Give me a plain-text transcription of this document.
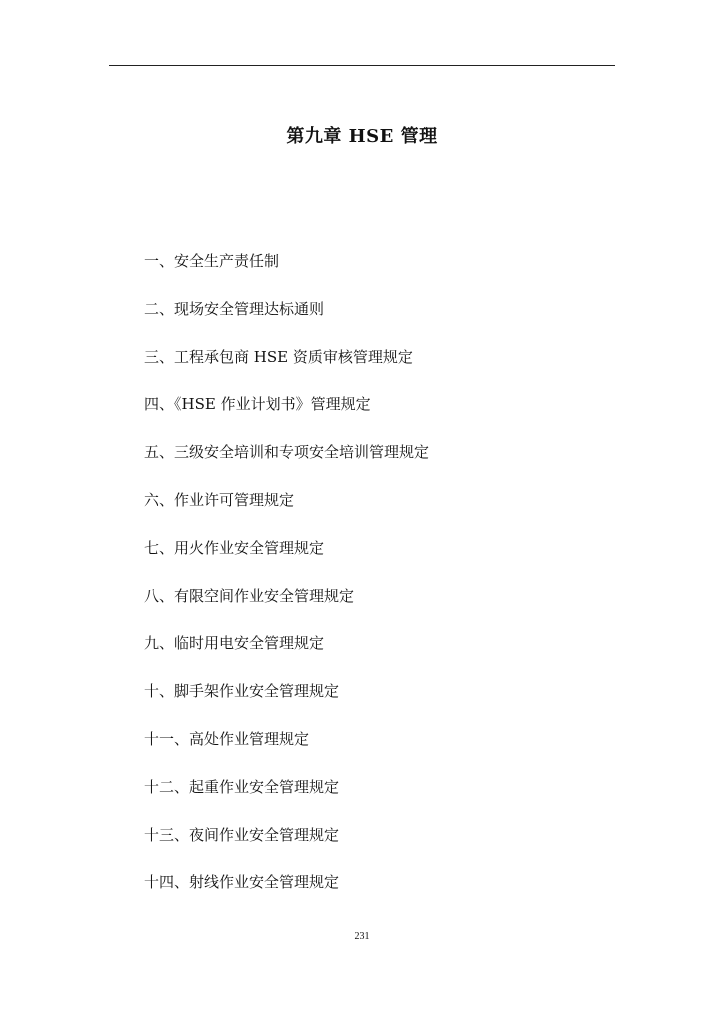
第九章 HSE 管理
一、安全生产责任制
二、现场安全管理达标通则
三、工程承包商 HSE 资质审核管理规定
四、《HSE 作业计划书》管理规定
五、三级安全培训和专项安全培训管理规定
六、作业许可管理规定
七、用火作业安全管理规定
八、有限空间作业安全管理规定
九、临时用电安全管理规定
十、脚手架作业安全管理规定
十一、高处作业管理规定
十二、起重作业安全管理规定
十三、夜间作业安全管理规定
十四、射线作业安全管理规定
231
